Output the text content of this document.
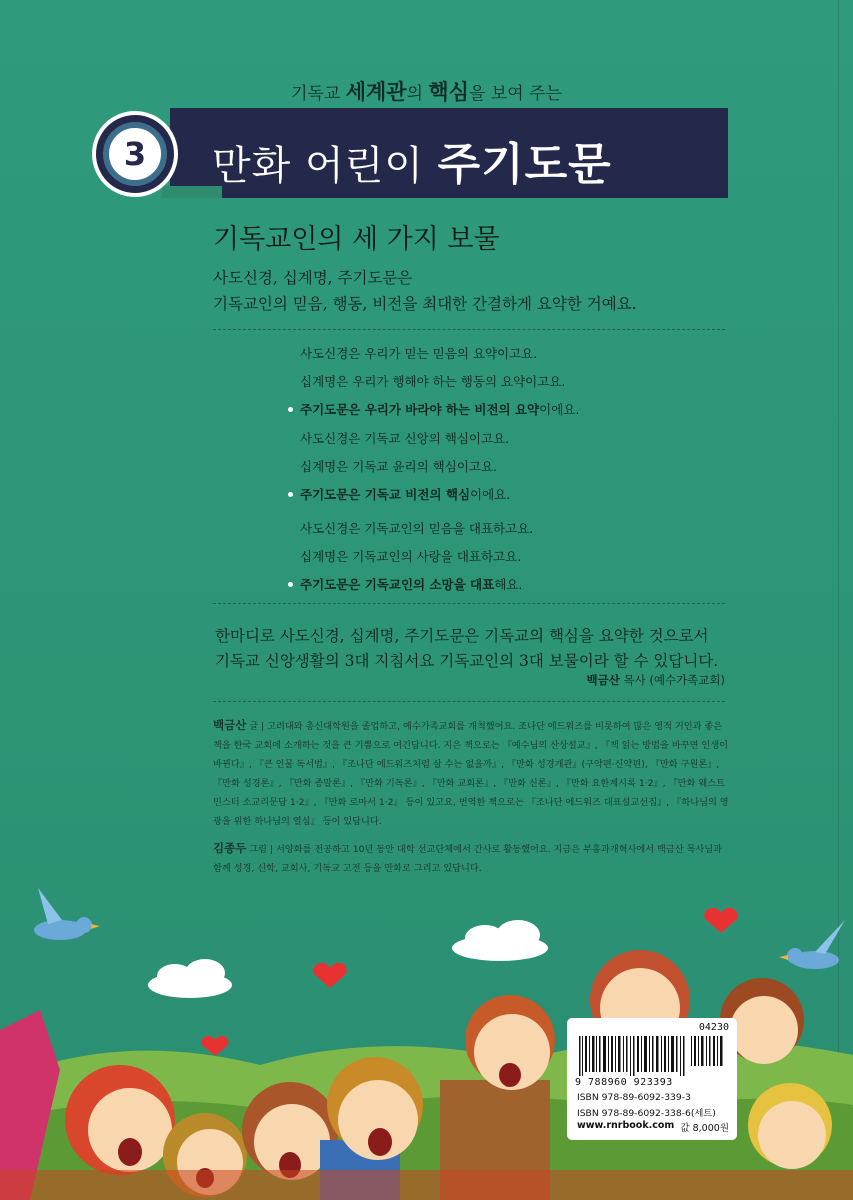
기독교 세계관의 핵심을 보여 주는
3	만화 어린이 주기도문
기독교인의 세 가지 보물
사도신경, 십계명, 주기도문은
기독교인의 믿음, 행동, 비전을 최대한 간결하게 요약한 거예요.
사도신경은 우리가 믿는 믿음의 요약이고요.
십계명은 우리가 행해야 하는 행동의 요약이고요.
주기도문은 우리가 바라야 하는 비전의 요약이에요.
사도신경은 기독교 신앙의 핵심이고요.
십계명은 기독교 윤리의 핵심이고요.
주기도문은 기독교 비전의 핵심이에요.
사도신경은 기독교인의 믿음을 대표하고요.
십계명은 기독교인의 사랑을 대표하고요.
주기도문은 기독교인의 소망을 대표해요.
한마디로 사도신경, 십계명, 주기도문은 기독교의 핵심을 요약한 것으로서
기독교 신앙생활의 3대 지침서요 기독교인의 3대 보물이라 할 수 있답니다.
백금산 목사 (예수가족교회)
백금산 글 | 고려대와 총신대학원을 졸업하고, 예수가족교회를 개척했어요. 조나단 에드워즈를 비롯하여 많은 영적 거인과 좋은 책을 한국 교회에 소개하는 것을 큰 기쁨으로 여긴답니다. 지은 책으로는 『예수님의 산상설교』, 『책 읽는 방법을 바꾸면 인생이 바뀐다』, 『큰 인물 독서법』, 『조나단 에드워즈처럼 살 수는 없을까』, 『만화 성경개관』(구약편·신약편), 『만화 구원론』, 『만화 성경론』, 『만화 종말론』, 『만화 기독론』, 『만화 교회론』, 『만화 신론』, 『만화 요한계시록 1·2』, 『만화 웨스트민스터 소교리문답 1·2』, 『만화 로마서 1·2』 등이 있고요, 번역한 책으로는 『조나단 에드워즈 대표설교선집』, 『하나님의 영광을 위한 하나님의 열심』 등이 있답니다.
김종두 그림 | 서양화를 전공하고 10년 동안 대학 선교단체에서 간사로 활동했어요. 지금은 부흥과개혁사에서 백금산 목사님과 함께 성경, 신학, 교회사, 기독교 고전 등을 만화로 그리고 있답니다.
04230
9 788960 923393
ISBN 978-89-6092-339-3
ISBN 978-89-6092-338-6(세트)
www.rnrbook.com 값 8,000원
